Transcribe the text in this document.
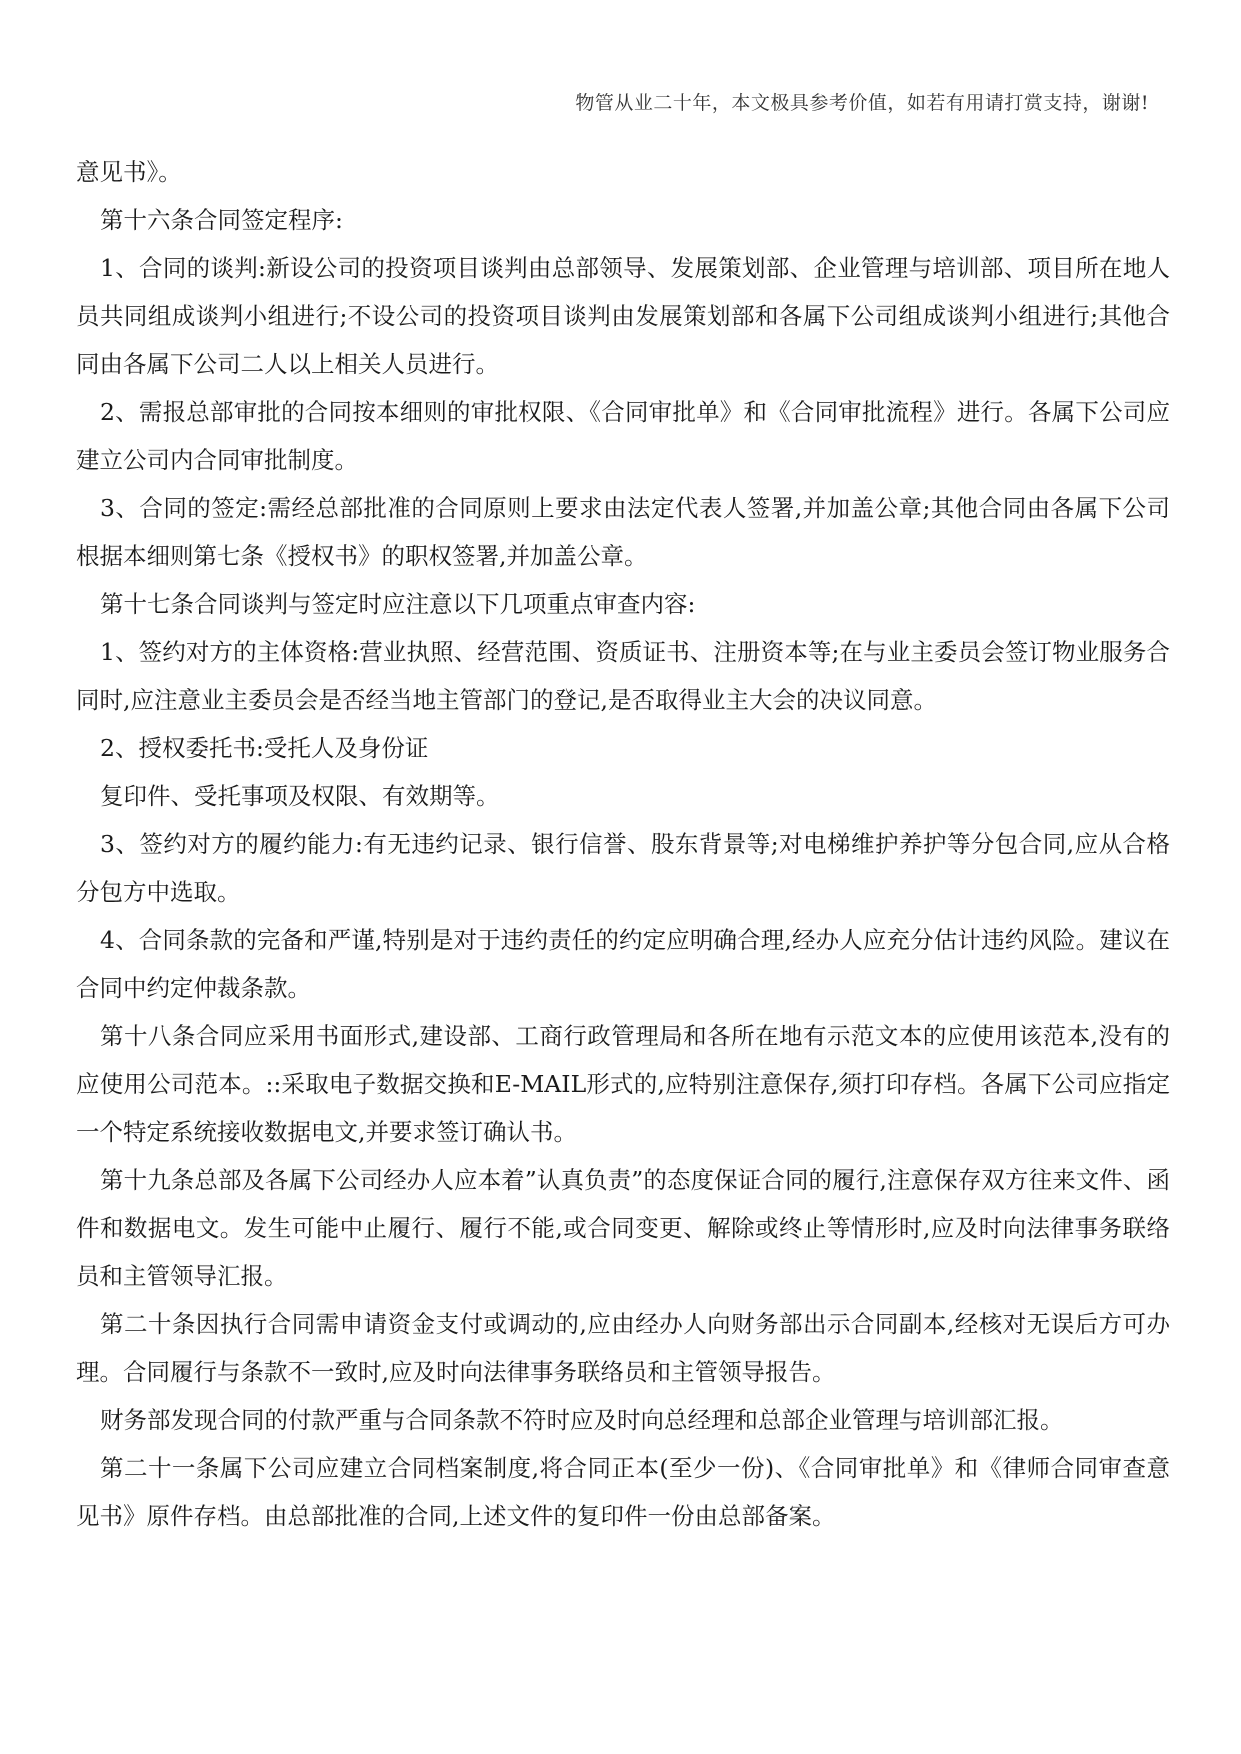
物管从业二十年，本文极具参考价值，如若有用请打赏支持，谢谢!

意见书》。

第十六条合同签定程序:

1、合同的谈判:新设公司的投资项目谈判由总部领导、发展策划部、企业管理与培训部、项目所在地人员共同组成谈判小组进行;不设公司的投资项目谈判由发展策划部和各属下公司组成谈判小组进行;其他合同由各属下公司二人以上相关人员进行。

2、需报总部审批的合同按本细则的审批权限、《合同审批单》和《合同审批流程》进行。各属下公司应建立公司内合同审批制度。

3、合同的签定:需经总部批准的合同原则上要求由法定代表人签署,并加盖公章;其他合同由各属下公司根据本细则第七条《授权书》的职权签署,并加盖公章。

第十七条合同谈判与签定时应注意以下几项重点审查内容:

1、签约对方的主体资格:营业执照、经营范围、资质证书、注册资本等;在与业主委员会签订物业服务合同时,应注意业主委员会是否经当地主管部门的登记,是否取得业主大会的决议同意。

2、授权委托书:受托人及身份证

复印件、受托事项及权限、有效期等。

3、签约对方的履约能力:有无违约记录、银行信誉、股东背景等;对电梯维护养护等分包合同,应从合格分包方中选取。

4、合同条款的完备和严谨,特别是对于违约责任的约定应明确合理,经办人应充分估计违约风险。建议在合同中约定仲裁条款。

第十八条合同应采用书面形式,建设部、工商行政管理局和各所在地有示范文本的应使用该范本,没有的应使用公司范本。::采取电子数据交换和E-MAIL形式的,应特别注意保存,须打印存档。各属下公司应指定一个特定系统接收数据电文,并要求签订确认书。

第十九条总部及各属下公司经办人应本着”认真负责”的态度保证合同的履行,注意保存双方往来文件、函件和数据电文。发生可能中止履行、履行不能,或合同变更、解除或终止等情形时,应及时向法律事务联络员和主管领导汇报。

第二十条因执行合同需申请资金支付或调动的,应由经办人向财务部出示合同副本,经核对无误后方可办理。合同履行与条款不一致时,应及时向法律事务联络员和主管领导报告。

财务部发现合同的付款严重与合同条款不符时应及时向总经理和总部企业管理与培训部汇报。

第二十一条属下公司应建立合同档案制度,将合同正本(至少一份)、《合同审批单》和《律师合同审查意见书》原件存档。由总部批准的合同,上述文件的复印件一份由总部备案。
